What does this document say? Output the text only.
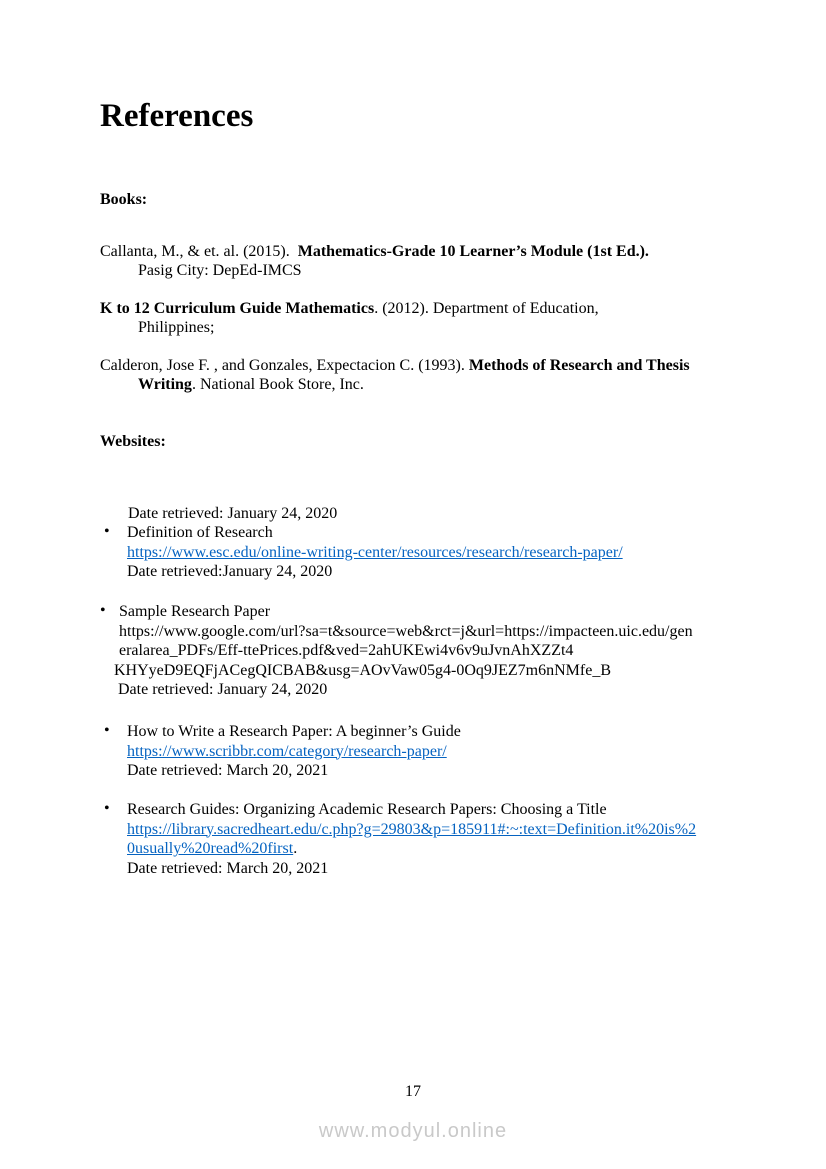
References
Books:
Callanta, M., & et. al. (2015).  Mathematics-Grade 10 Learner’s Module (1st Ed.).
Pasig City: DepEd-IMCS
K to 12 Curriculum Guide Mathematics. (2012). Department of Education,
Philippines;
Calderon, Jose F. , and Gonzales, Expectacion C. (1993). Methods of Research and Thesis
Writing. National Book Store, Inc.
Websites:
Date retrieved: January 24, 2020
• Definition of Research
https://www.esc.edu/online-writing-center/resources/research/research-paper/
Date retrieved:January 24, 2020
• Sample Research Paper
https://www.google.com/url?sa=t&source=web&rct=j&url=https://impacteen.uic.edu/gen
eralarea_PDFs/Eff-ttePrices.pdf&ved=2ahUKEwi4v6v9uJvnAhXZZt4
KHYyeD9EQFjACegQICBAB&usg=AOvVaw05g4-0Oq9JEZ7m6nNMfe_B
Date retrieved: January 24, 2020
• How to Write a Research Paper: A beginner’s Guide
https://www.scribbr.com/category/research-paper/
Date retrieved: March 20, 2021
• Research Guides: Organizing Academic Research Papers: Choosing a Title
https://library.sacredheart.edu/c.php?g=29803&p=185911#:~:text=Definition.it%20is%2
0usually%20read%20first.
Date retrieved: March 20, 2021
17
www.modyul.online
